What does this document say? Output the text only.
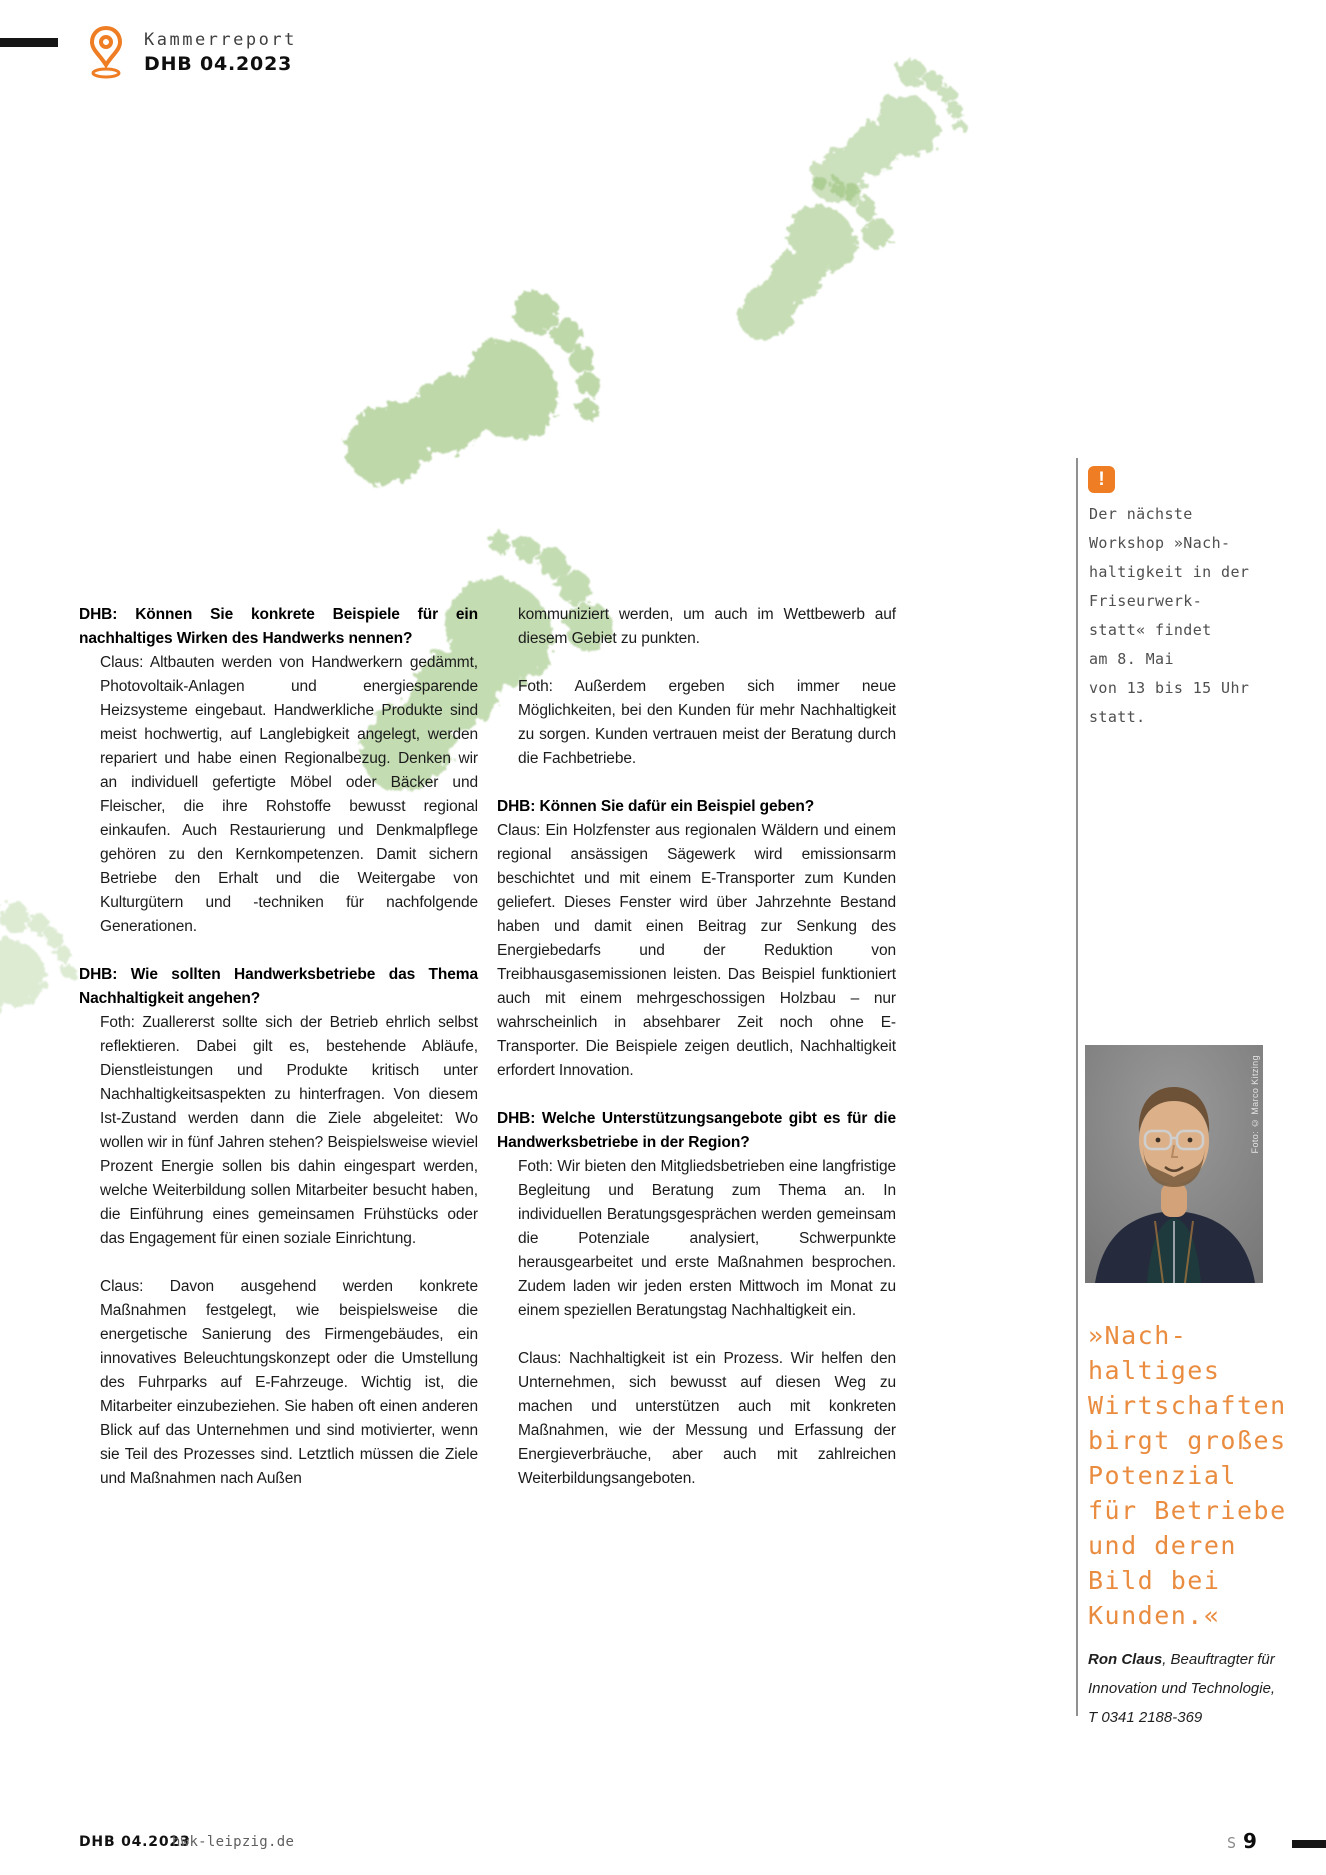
Kammerreport

DHB 04.2023

DHB: Können Sie konkrete Beispiele für ein nachhaltiges Wirken des Handwerks nennen?

Claus: Altbauten werden von Handwerkern gedämmt, Photovoltaik-Anlagen und energiesparende Heizsysteme eingebaut. Handwerkliche Produkte sind meist hochwertig, auf Langlebigkeit angelegt, werden repariert und habe einen Regionalbezug. Denken wir an individuell gefertigte Möbel oder Bäcker und Fleischer, die ihre Rohstoffe bewusst regional einkaufen. Auch Restaurierung und Denkmalpflege gehören zu den Kernkompetenzen. Damit sichern Betriebe den Erhalt und die Weitergabe von Kulturgütern und -techniken für nachfolgende Generationen.

DHB: Wie sollten Handwerksbetriebe das Thema Nachhaltigkeit angehen?

Foth: Zuallererst sollte sich der Betrieb ehrlich selbst reflektieren. Dabei gilt es, bestehende Abläufe, Dienstleistungen und Produkte kritisch unter Nachhaltigkeitsaspekten zu hinterfragen. Von diesem Ist-Zustand werden dann die Ziele abgeleitet: Wo wollen wir in fünf Jahren stehen? Beispielsweise wieviel Prozent Energie sollen bis dahin eingespart werden, welche Weiterbildung sollen Mitarbeiter besucht haben, die Einführung eines gemeinsamen Frühstücks oder das Engagement für einen soziale Einrichtung.

Claus: Davon ausgehend werden konkrete Maßnahmen festgelegt, wie beispielsweise die energetische Sanierung des Firmengebäudes, ein innovatives Beleuchtungskonzept oder die Umstellung des Fuhrparks auf E-Fahrzeuge. Wichtig ist, die Mitarbeiter einzubeziehen. Sie haben oft einen anderen Blick auf das Unternehmen und sind motivierter, wenn sie Teil des Prozesses sind. Letztlich müssen die Ziele und Maßnahmen nach Außen

kommuniziert werden, um auch im Wettbewerb auf diesem Gebiet zu punkten.

Foth: Außerdem ergeben sich immer neue Möglichkeiten, bei den Kunden für mehr Nachhaltigkeit zu sorgen. Kunden vertrauen meist der Beratung durch die Fachbetriebe.

DHB: Können Sie dafür ein Beispiel geben?

Claus: Ein Holzfenster aus regionalen Wäldern und einem regional ansässigen Sägewerk wird emissionsarm beschichtet und mit einem E-Transporter zum Kunden geliefert. Dieses Fenster wird über Jahrzehnte Bestand haben und damit einen Beitrag zur Senkung des Energiebedarfs und der Reduktion von Treibhausgasemissionen leisten. Das Beispiel funktioniert auch mit einem mehrgeschossigen Holzbau – nur wahrscheinlich in absehbarer Zeit noch ohne E-Transporter. Die Beispiele zeigen deutlich, Nachhaltigkeit erfordert Innovation.

DHB: Welche Unterstützungsangebote gibt es für die Handwerksbetriebe in der Region?

Foth: Wir bieten den Mitgliedsbetrieben eine langfristige Begleitung und Beratung zum Thema an. In individuellen Beratungsgesprächen werden gemeinsam die Potenziale analysiert, Schwerpunkte herausgearbeitet und erste Maßnahmen besprochen. Zudem laden wir jeden ersten Mittwoch im Monat zu einem speziellen Beratungstag Nachhaltigkeit ein.

Claus: Nachhaltigkeit ist ein Prozess. Wir helfen den Unternehmen, sich bewusst auf diesen Weg zu machen und unterstützen auch mit konkreten Maßnahmen, wie der Messung und Erfassung der Energieverbräuche, aber auch mit zahlreichen Weiterbildungsangeboten.

!
Der nächste
Workshop »Nach-
haltigkeit in der
Friseurwerk-
statt« findet
am 8. Mai
von 13 bis 15 Uhr
statt.
Foto: © Marco Kitzing
»Nach-
haltiges
Wirtschaften
birgt großes
Potenzial
für Betriebe
und deren
Bild bei
Kunden.«

Ron Claus, Beauftragter für Innovation und Technologie,

T 0341 2188-369

DHB 04.2023
hwk-leipzig.de	S 9
